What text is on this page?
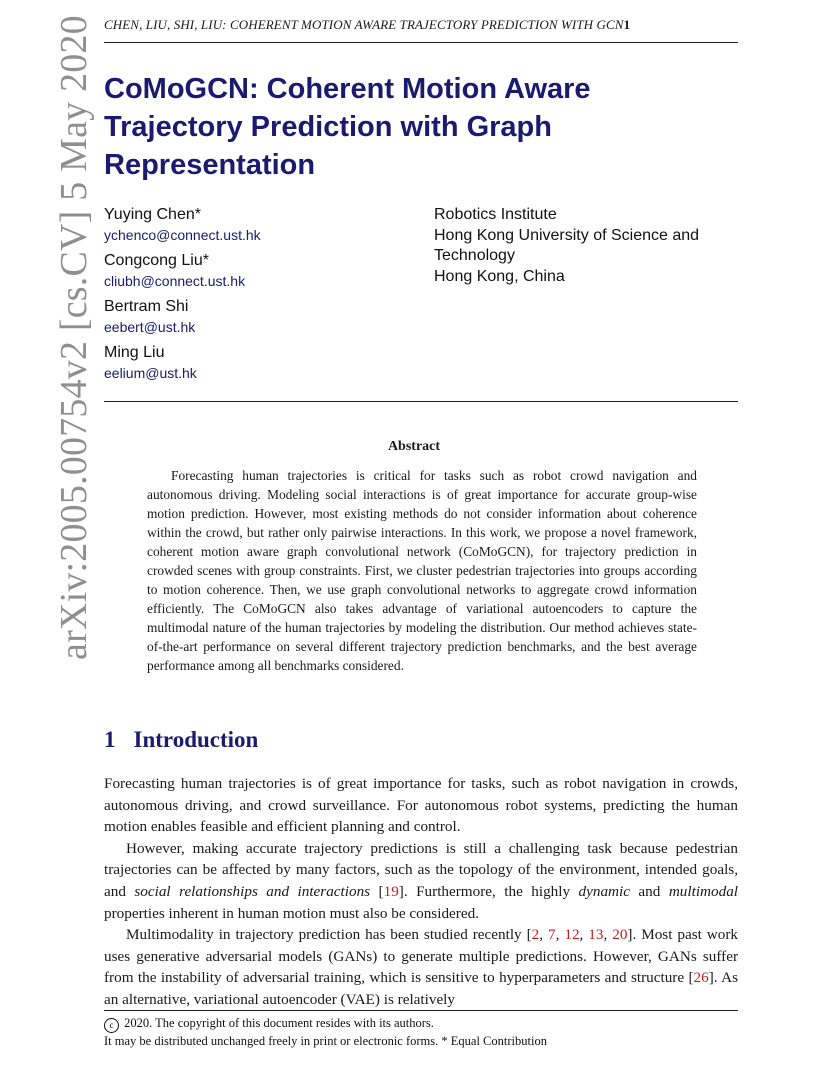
CHEN, LIU, SHI, LIU: COHERENT MOTION AWARE TRAJECTORY PREDICTION WITH GCN1
arXiv:2005.00754v2 [cs.CV] 5 May 2020 CoMoGCN: Coherent Motion Aware Trajectory Prediction with Graph Representation
Yuying Chen*
ychenco@connect.ust.hk
Congcong Liu*
cliubh@connect.ust.hk
Bertram Shi
eebert@ust.hk
Ming Liu
eelium@ust.hk
Robotics Institute
Hong Kong University of Science and
Technology
Hong Kong, China
Abstract

Forecasting human trajectories is critical for tasks such as robot crowd navigation and autonomous driving. Modeling social interactions is of great importance for accurate group-wise motion prediction. However, most existing methods do not consider information about coherence within the crowd, but rather only pairwise interactions. In this work, we propose a novel framework, coherent motion aware graph convolutional network (CoMoGCN), for trajectory prediction in crowded scenes with group constraints. First, we cluster pedestrian trajectories into groups according to motion coherence. Then, we use graph convolutional networks to aggregate crowd information efficiently. The CoMoGCN also takes advantage of variational autoencoders to capture the multimodal nature of the human trajectories by modeling the distribution. Our method achieves state-of-the-art performance on several different trajectory prediction benchmarks, and the best average performance among all benchmarks considered.

1 Introduction

Forecasting human trajectories is of great importance for tasks, such as robot navigation in crowds, autonomous driving, and crowd surveillance. For autonomous robot systems, predicting the human motion enables feasible and efficient planning and control.

However, making accurate trajectory predictions is still a challenging task because pedestrian trajectories can be affected by many factors, such as the topology of the environment, intended goals, and social relationships and interactions [19]. Furthermore, the highly dynamic and multimodal properties inherent in human motion must also be considered.

Multimodality in trajectory prediction has been studied recently [2, 7, 12, 13, 20]. Most past work uses generative adversarial models (GANs) to generate multiple predictions. However, GANs suffer from the instability of adversarial training, which is sensitive to hyperparameters and structure [26]. As an alternative, variational autoencoder (VAE) is relatively

c 2020. The copyright of this document resides with its authors.
It may be distributed unchanged freely in print or electronic forms. * Equal Contribution
